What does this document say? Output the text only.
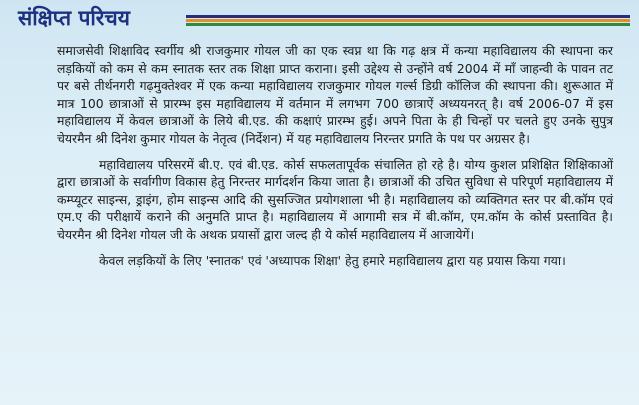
संक्षिप्त परिचय

समाजसेवी शिक्षाविद स्वर्गीय श्री राजकुमार गोयल जी का एक स्वप्न था कि गढ़ क्षत्र में कन्या महाविद्यालय की स्थापना कर लड़कियों को कम से कम स्नातक स्तर तक शिक्षा प्राप्त कराना। इसी उद्देश्य से उन्होंने वर्ष 2004 में माँ जाहन्वी के पावन तट पर बसे तीर्थनगरी गढ़मुक्तेश्वर में एक कन्या महाविद्यालय राजकुमार गोयल गर्ल्स डिग्री कॉलिज की स्थापना की। शुरूआत में मात्र 100 छात्राओं से प्रारम्भ इस महाविद्यालय में वर्तमान में लगभग 700 छात्राऐं अध्ययनरत् है। वर्ष 2006-07 में इस महाविद्यालय में केवल छात्राओं के लिये बी.एड. की कक्षाएं प्रारम्भ हुई। अपने पिता के ही चिन्हों पर चलते हुए उनके सुपुत्र चेयरमैन श्री दिनेश कुमार गोयल के नेतृत्व (निर्देशन) में यह महाविद्यालय निरन्तर प्रगति के पथ पर अग्रसर है।

महाविद्यालय परिसरमें बी.ए. एवं बी.एड. कोर्स सफलतापूर्वक संचालित हो रहे है। योग्य कुशल प्रशिक्षित शिक्षिकाओं द्वारा छात्राओं के सर्वागीण विकास हेतु निरन्तर मार्गदर्शन किया जाता है। छात्राओं की उचित सुविधा से परिपूर्ण महाविद्यालय में कम्प्यूटर साइन्स, ड्राइंग, होम साइन्स आदि की सुसज्जित प्रयोगशाला भी है। महाविद्यालय को व्यक्तिगत स्तर पर बी.कॉम एवं एम.ए की परीक्षायें कराने की अनुमति प्राप्त है। महाविद्यालय में आगामी सत्र में बी.कॉम, एम.कॉम के कोर्स प्रस्तावित है। चेयरमैन श्री दिनेश गोयल जी के अथक प्रयासों द्वारा जल्द ही ये कोर्स महाविद्यालय में आजायेगें।

केवल लड़कियों के लिए 'स्नातक' एवं 'अध्यापक शिक्षा' हेतु हमारे महाविद्यालय द्वारा यह प्रयास किया गया।
